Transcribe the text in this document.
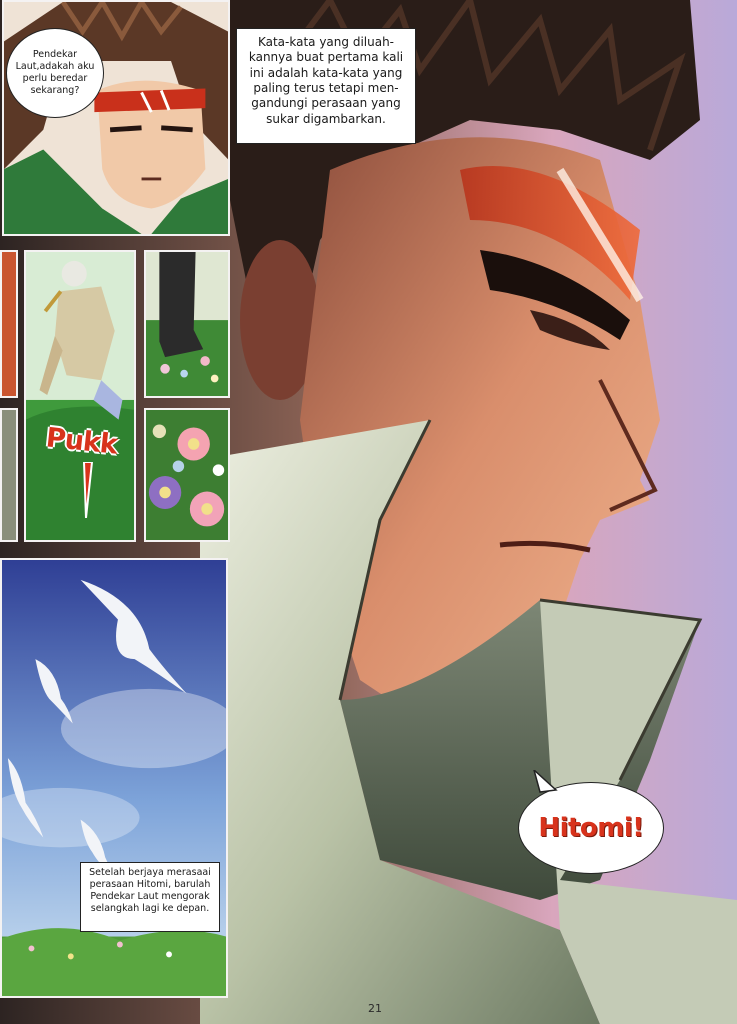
Pendekar Laut,adakah aku perlu beredar sekarang?
Kata-kata yang diluah- kannya buat pertama kali ini adalah kata-kata yang paling terus tetapi men- gandungi perasaan yang sukar digambarkan.
Pukk
Setelah berjaya merasaai perasaan Hitomi, barulah Pendekar Laut mengorak selangkah lagi ke depan.
Hitomi!
21
